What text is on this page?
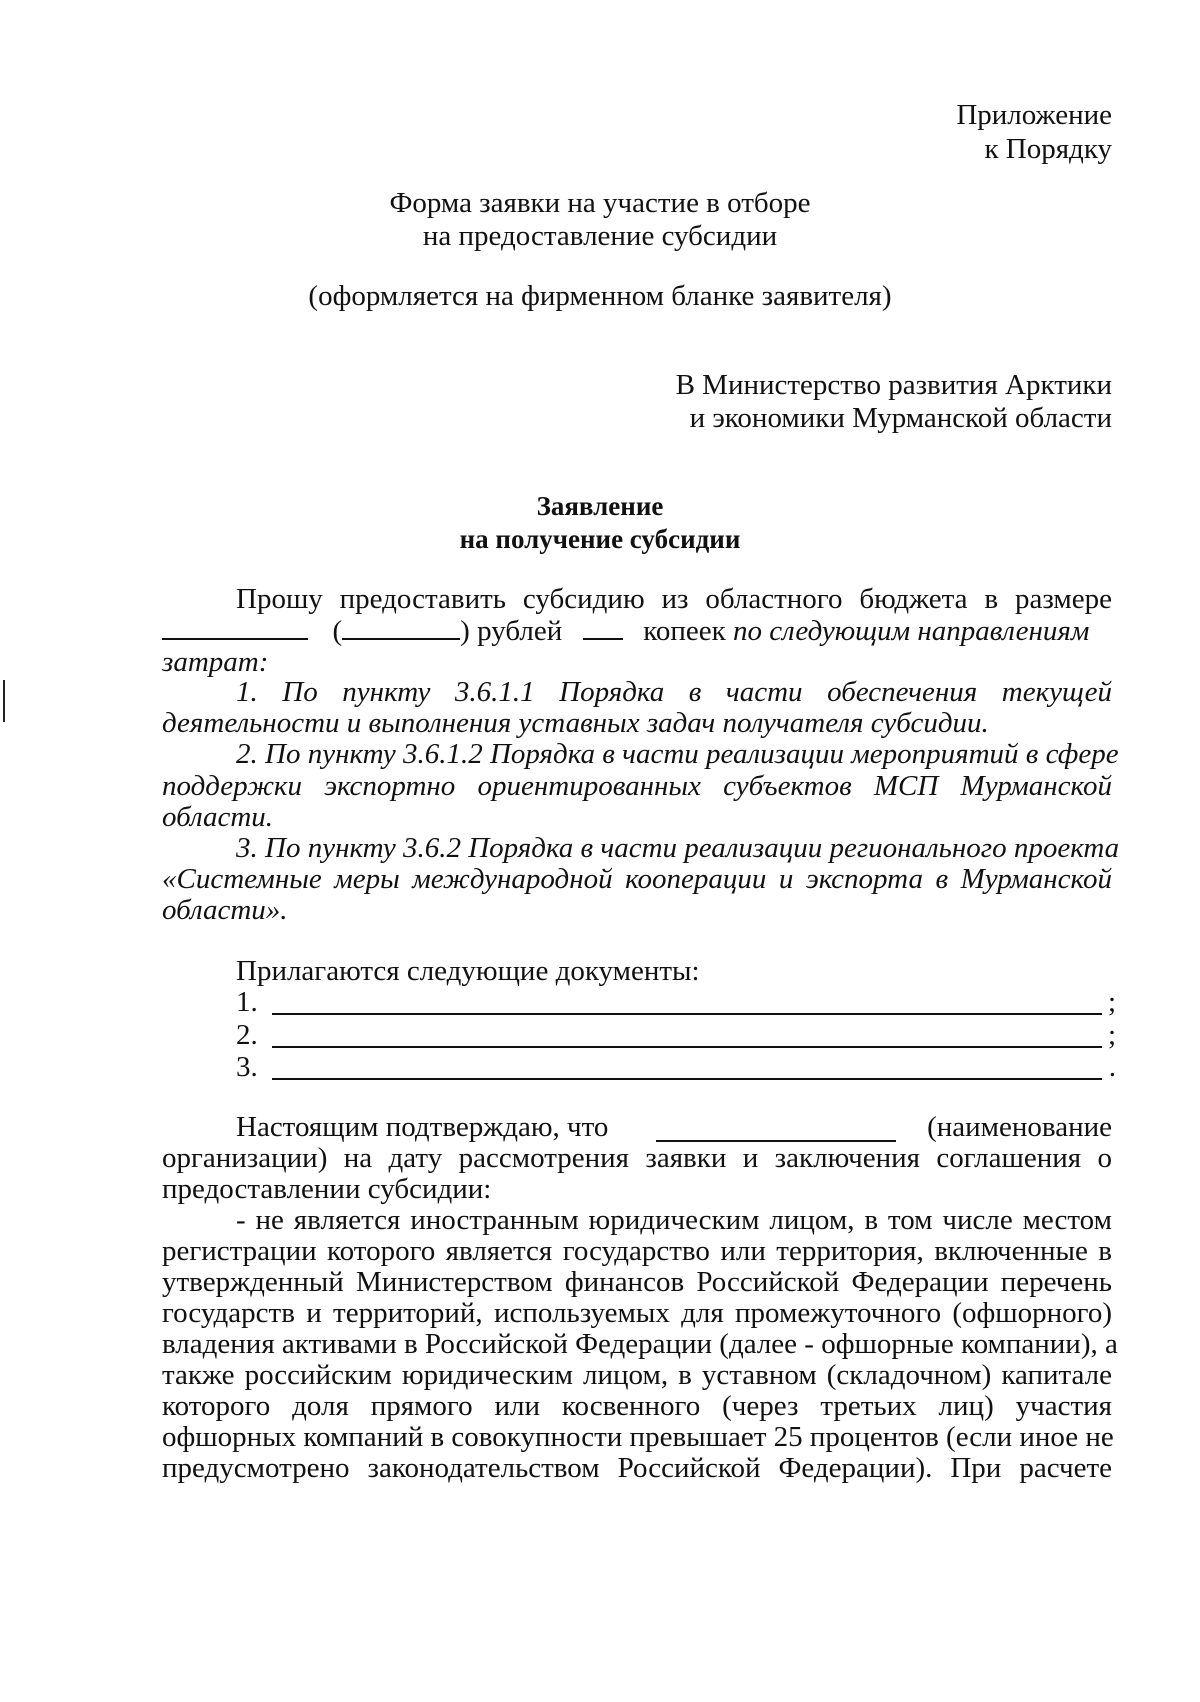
Приложение
к Порядку
Форма заявки на участие в отборе
на предоставление субсидии
(оформляется на фирменном бланке заявителя)
В Министерство развития Арктики
и экономики Мурманской области
Заявление
на получение субсидии
Прошу предоставить субсидию из областного бюджета в размере
(	) рублей	копеек по следующим направлениям
затрат:
1. По пункту 3.6.1.1 Порядка в части обеспечения текущей
деятельности и выполнения уставных задач получателя субсидии.
2. По пункту 3.6.1.2 Порядка в части реализации мероприятий в сфере
поддержки экспортно ориентированных субъектов МСП Мурманской
области.
3. По пункту 3.6.2 Порядка в части реализации регионального проекта
«Системные меры международной кооперации и экспорта в Мурманской
области».
Прилагаются следующие документы:
1.	;
2.	;
3.	.
Настоящим подтверждаю, что	(наименование
организации) на дату рассмотрения заявки и заключения соглашения о
предоставлении субсидии:
- не является иностранным юридическим лицом, в том числе местом
регистрации которого является государство или территория, включенные в
утвержденный Министерством финансов Российской Федерации перечень
государств и территорий, используемых для промежуточного (офшорного)
владения активами в Российской Федерации (далее - офшорные компании), а
также российским юридическим лицом, в уставном (складочном) капитале
которого доля прямого или косвенного (через третьих лиц) участия
офшорных компаний в совокупности превышает 25 процентов (если иное не
предусмотрено законодательством Российской Федерации). При расчете
